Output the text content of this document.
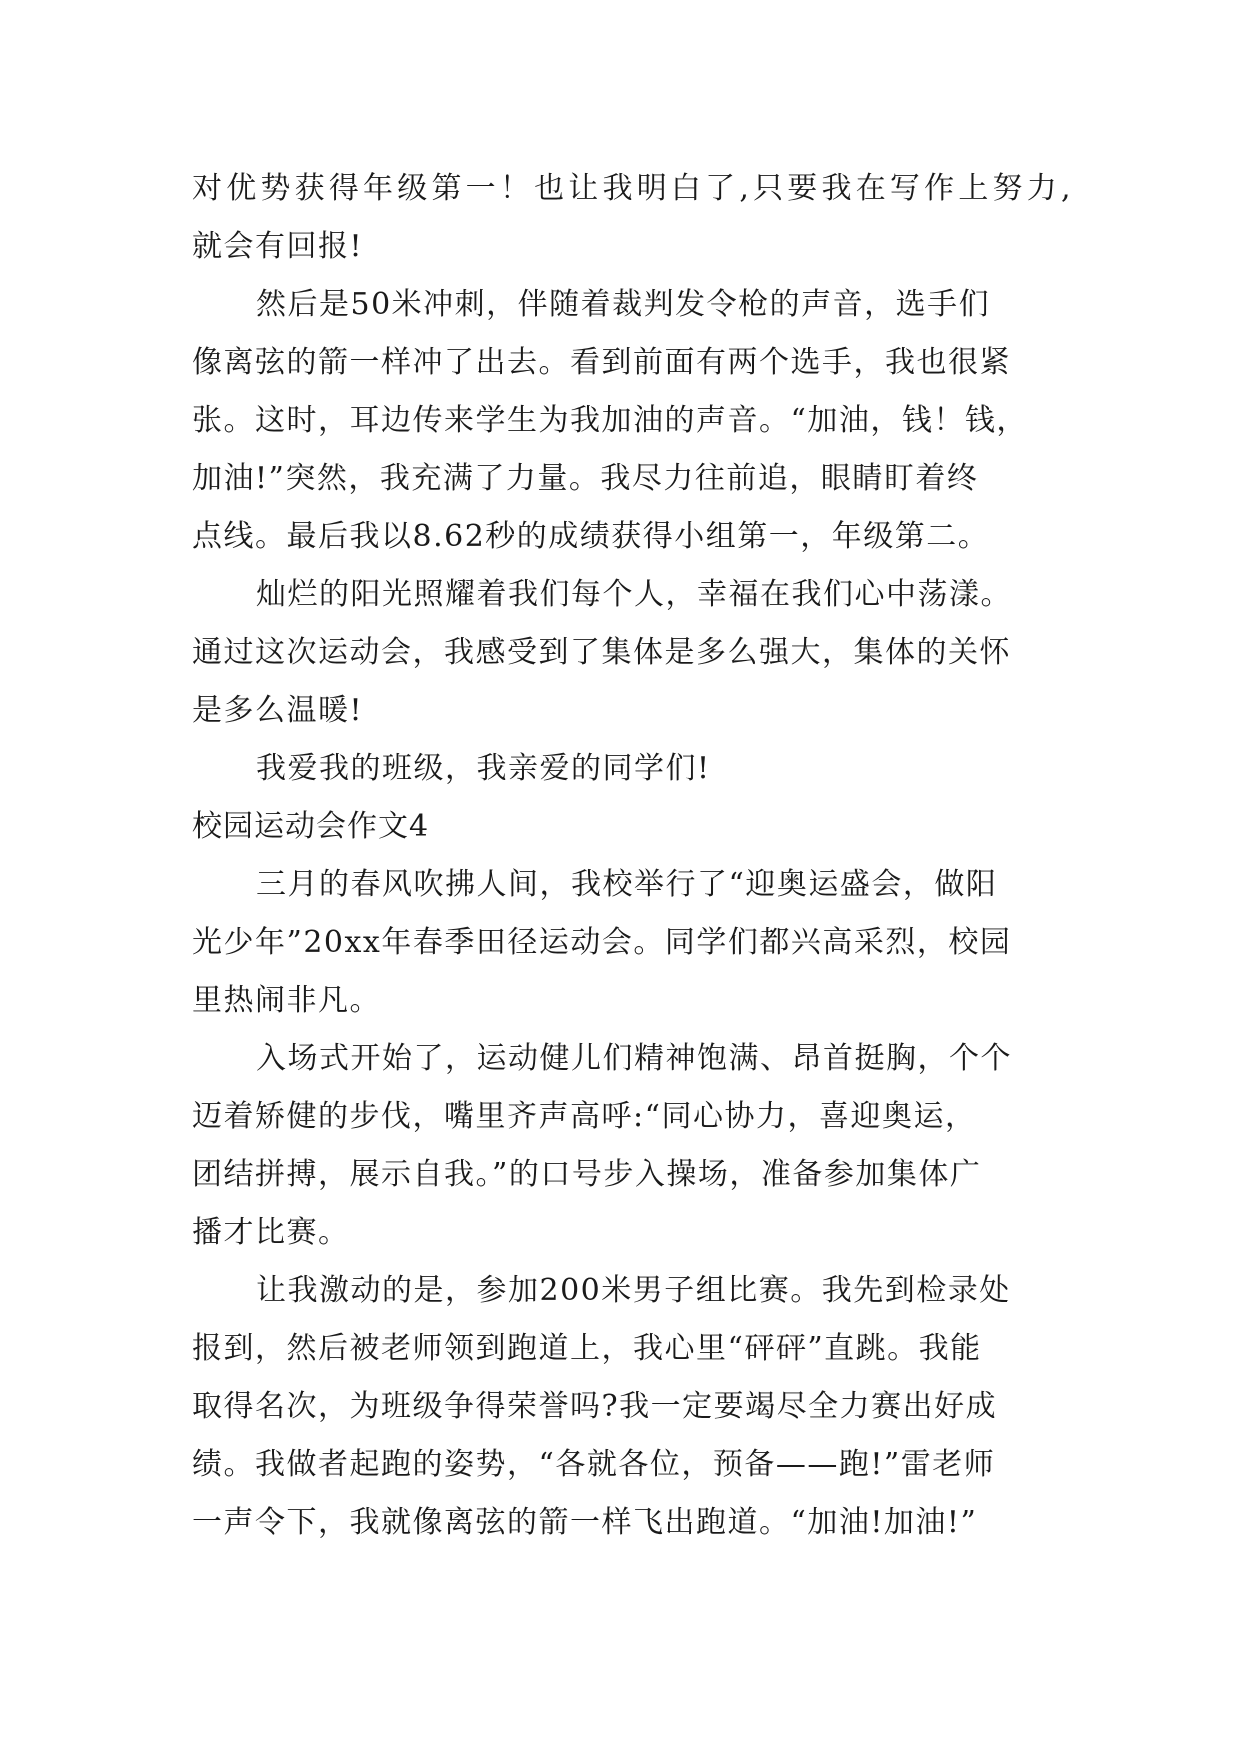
对优势获得年级第一！也让我明白了,只要我在写作上努力,
就会有回报!
然后是50米冲刺，伴随着裁判发令枪的声音，选手们
像离弦的箭一样冲了出去。看到前面有两个选手，我也很紧
张。这时，耳边传来学生为我加油的声音。“加油，钱！钱，
加油!”突然，我充满了力量。我尽力往前追，眼睛盯着终
点线。最后我以8.62秒的成绩获得小组第一，年级第二。
灿烂的阳光照耀着我们每个人，幸福在我们心中荡漾。
通过这次运动会，我感受到了集体是多么强大，集体的关怀
是多么温暖!
我爱我的班级，我亲爱的同学们!
校园运动会作文4
三月的春风吹拂人间，我校举行了“迎奥运盛会，做阳
光少年”20xx年春季田径运动会。同学们都兴高采烈，校园
里热闹非凡。
入场式开始了，运动健儿们精神饱满、昂首挺胸，个个
迈着矫健的步伐，嘴里齐声高呼:“同心协力，喜迎奥运，
团结拼搏，展示自我。”的口号步入操场，准备参加集体广
播才比赛。
让我激动的是，参加200米男子组比赛。我先到检录处
报到，然后被老师领到跑道上，我心里“砰砰”直跳。我能
取得名次，为班级争得荣誉吗?我一定要竭尽全力赛出好成
绩。我做者起跑的姿势，“各就各位，预备——跑!”雷老师
一声令下，我就像离弦的箭一样飞出跑道。“加油!加油!”
